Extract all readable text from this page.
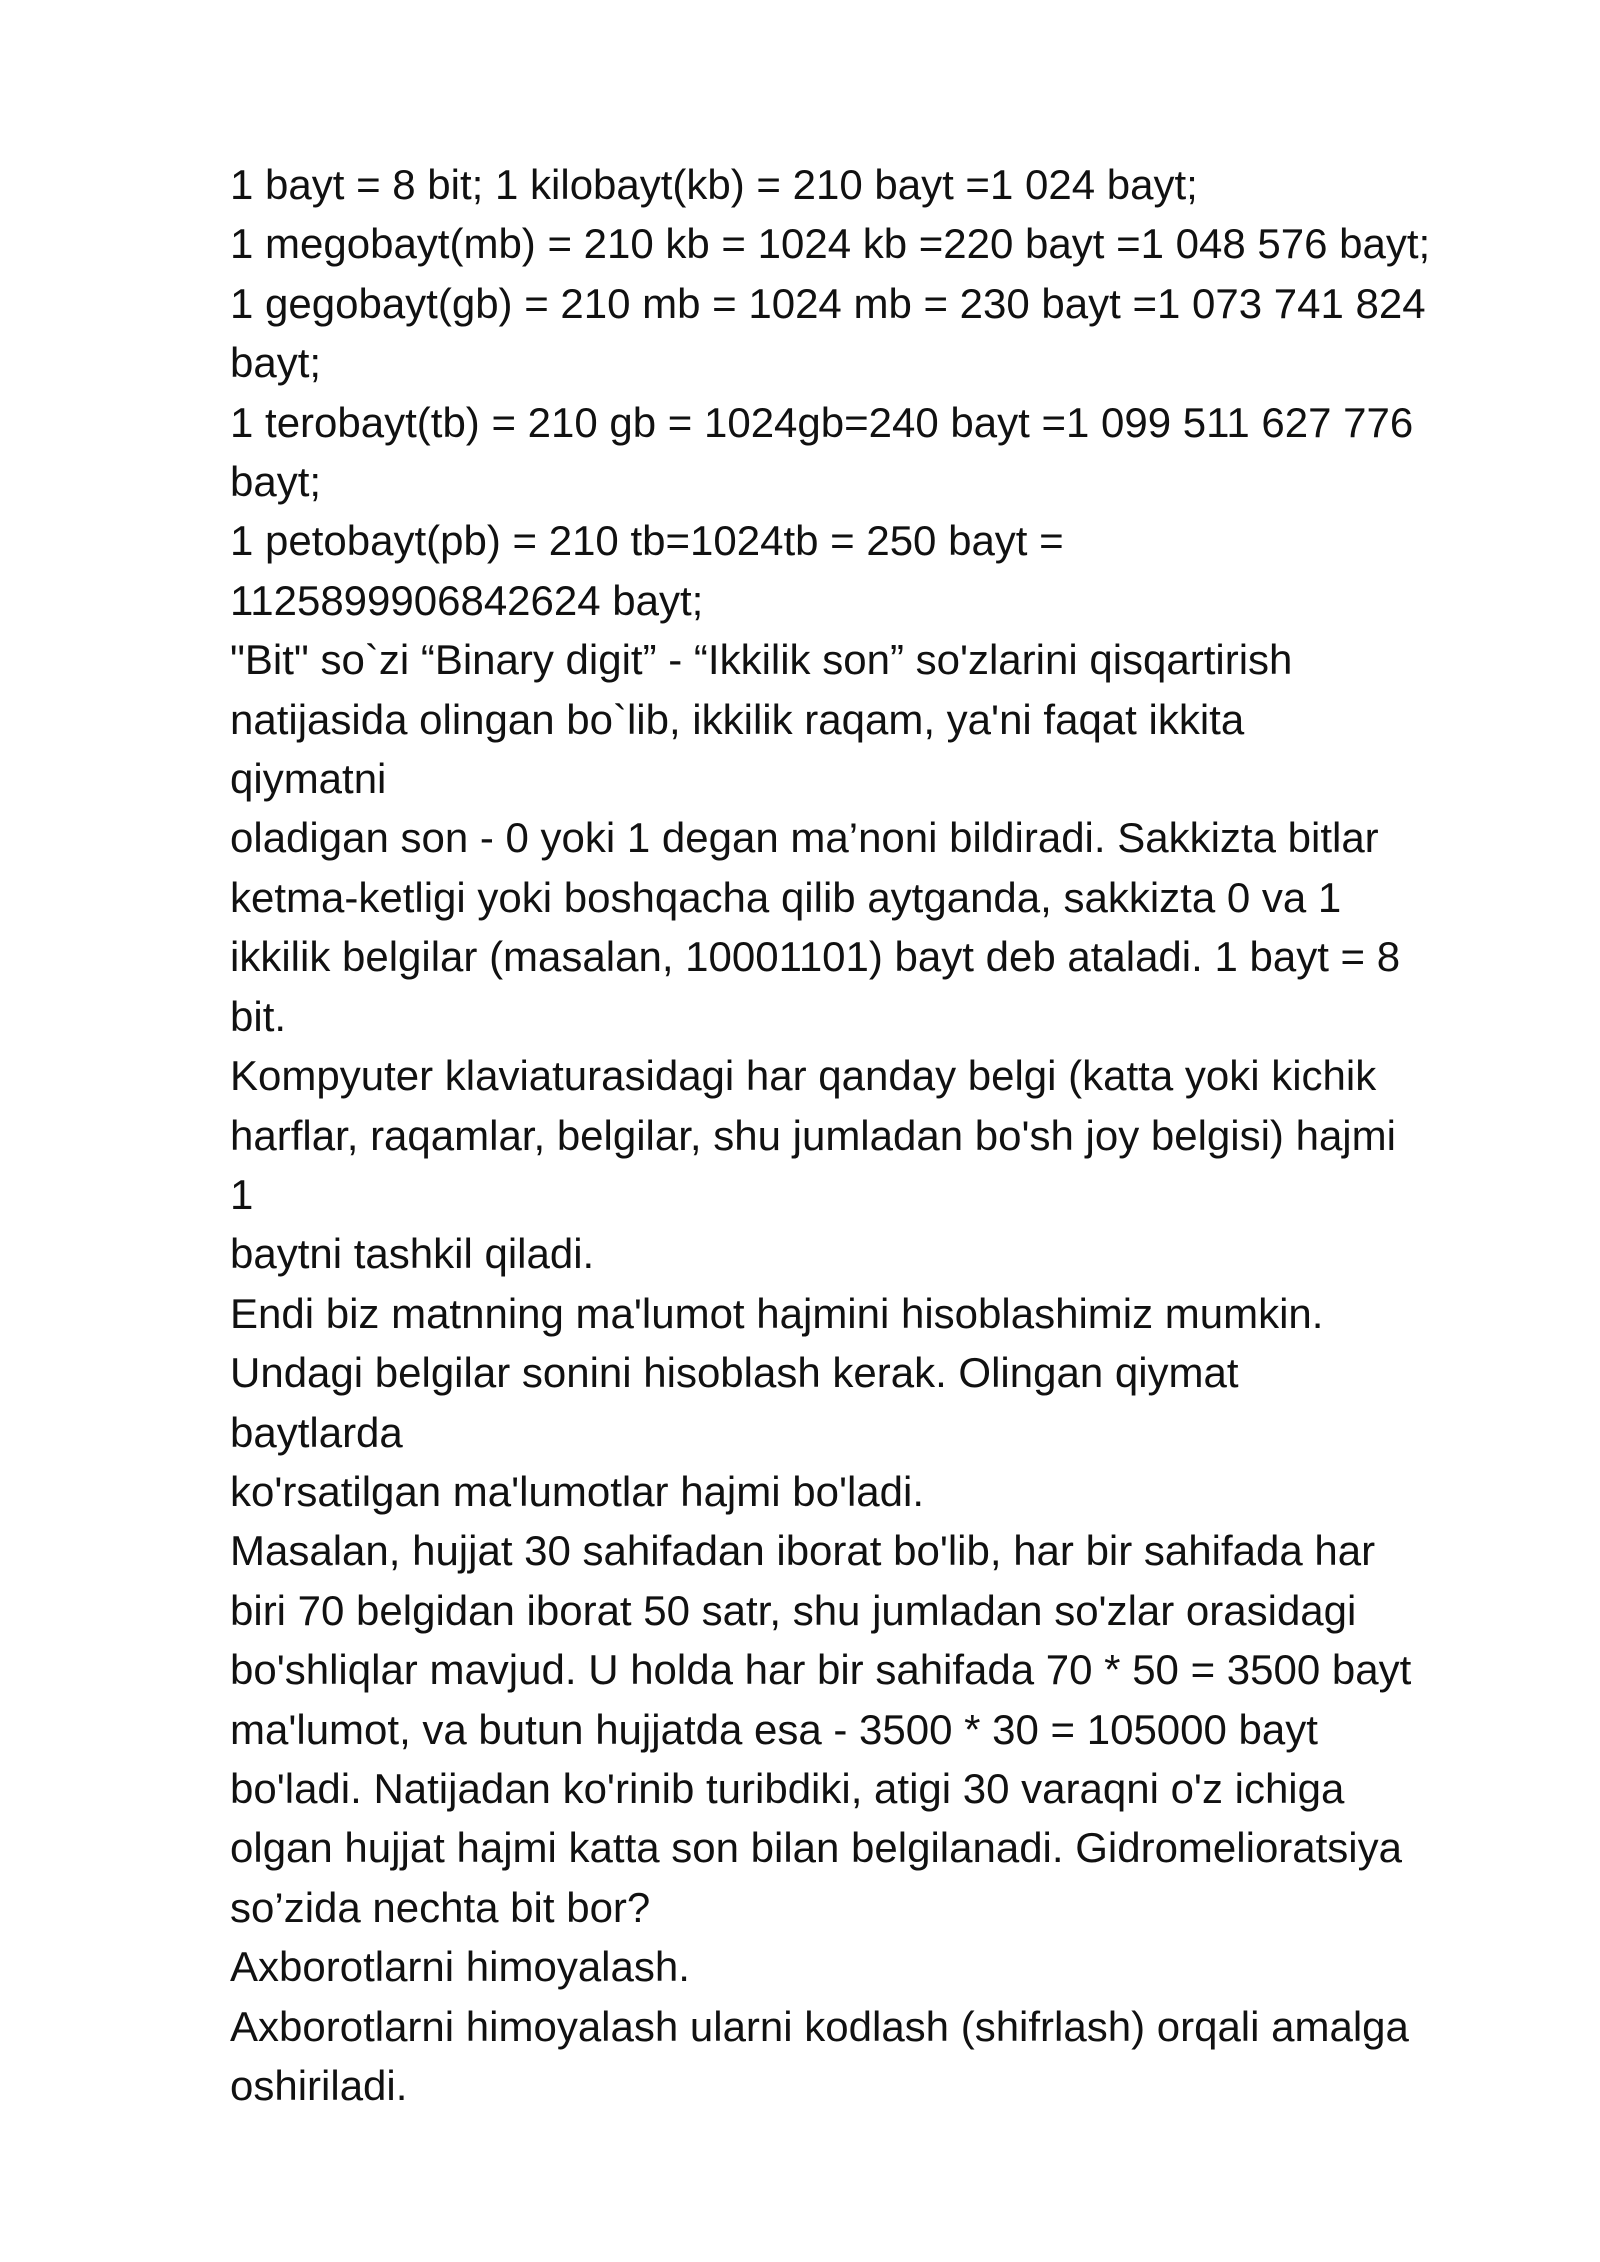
1 bayt = 8 bit; 1 kilobayt(kb) = 210 bayt =1 024 bayt;
1 megobayt(mb) = 210 kb = 1024 kb =220 bayt =1 048 576 bayt;
1 gegobayt(gb) = 210 mb = 1024 mb = 230 bayt =1 073 741 824
bayt;
1 terobayt(tb) = 210 gb = 1024gb=240 bayt =1 099 511 627 776
bayt;
1 petobayt(pb) = 210 tb=1024tb = 250 bayt =
1125899906842624 bayt;
"Bit" so`zi “Binary digit” - “Ikkilik son” so'zlarini qisqartirish
natijasida olingan bo`lib, ikkilik raqam, ya'ni faqat ikkita
qiymatni
oladigan son - 0 yoki 1 degan ma’noni bildiradi. Sakkizta bitlar
ketma-ketligi yoki boshqacha qilib aytganda, sakkizta 0 va 1
ikkilik belgilar (masalan, 10001101) bayt deb ataladi. 1 bayt = 8
bit.
Kompyuter klaviaturasidagi har qanday belgi (katta yoki kichik
harflar, raqamlar, belgilar, shu jumladan bo'sh joy belgisi) hajmi
1
baytni tashkil qiladi.
Endi biz matnning ma'lumot hajmini hisoblashimiz mumkin.
Undagi belgilar sonini hisoblash kerak. Olingan qiymat
baytlarda
ko'rsatilgan ma'lumotlar hajmi bo'ladi.
Masalan, hujjat 30 sahifadan iborat bo'lib, har bir sahifada har
biri 70 belgidan iborat 50 satr, shu jumladan so'zlar orasidagi
bo'shliqlar mavjud. U holda har bir sahifada 70 * 50 = 3500 bayt
ma'lumot, va butun hujjatda esa - 3500 * 30 = 105000 bayt
bo'ladi. Natijadan ko'rinib turibdiki, atigi 30 varaqni o'z ichiga
olgan hujjat hajmi katta son bilan belgilanadi. Gidromelioratsiya
so’zida nechta bit bor?
Axborotlarni himoyalash.
Axborotlarni himoyalash ularni kodlash (shifrlash) orqali amalga
oshiriladi.
